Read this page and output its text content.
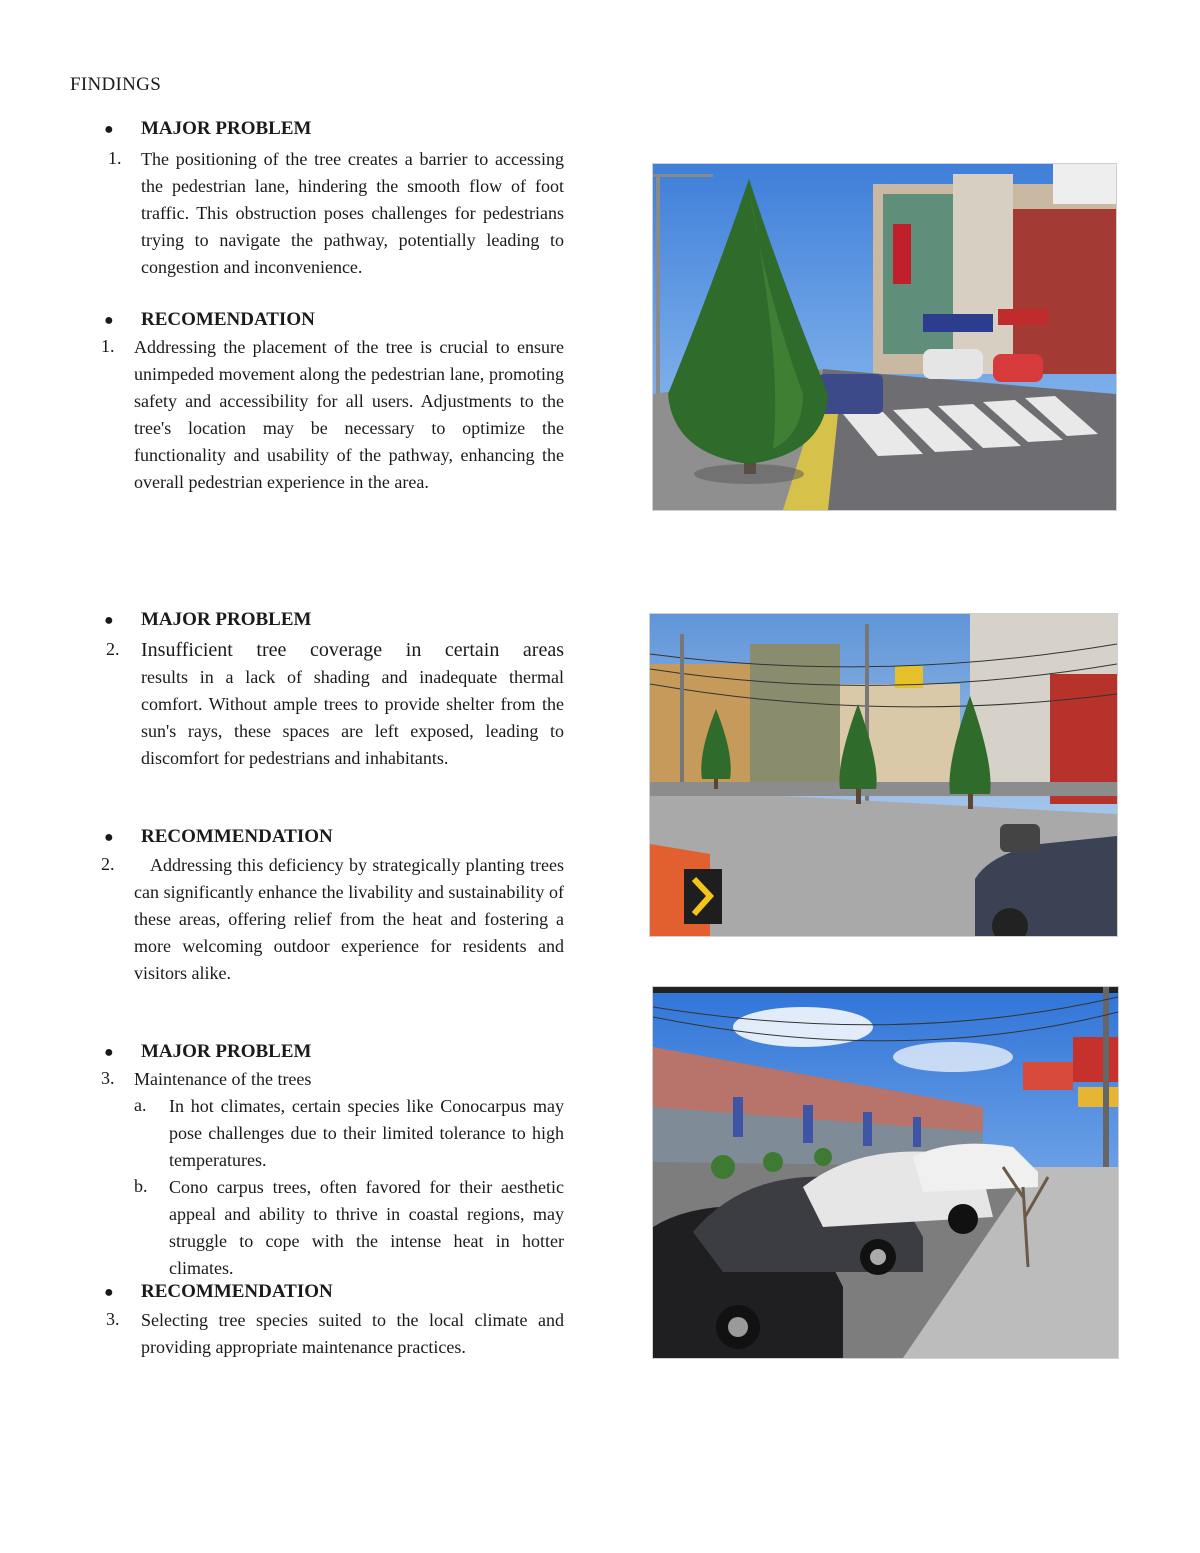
FINDINGS
● MAJOR PROBLEM
1. The positioning of the tree creates a barrier to accessing the pedestrian lane, hindering the smooth flow of foot traffic. This obstruction poses challenges for pedestrians trying to navigate the pathway, potentially leading to congestion and inconvenience.
● RECOMENDATION
1. Addressing the placement of the tree is crucial to ensure unimpeded movement along the pedestrian lane, promoting safety and accessibility for all users. Adjustments to the tree's location may be necessary to optimize the functionality and usability of the pathway, enhancing the overall pedestrian experience in the area.
● MAJOR PROBLEM
2. Insufficient tree coverage in certain areas
results in a lack of shading and inadequate thermal comfort. Without ample trees to provide shelter from the sun's rays, these spaces are left exposed, leading to discomfort for pedestrians and inhabitants.
● RECOMMENDATION
2.	Addressing this deficiency by strategically planting trees can significantly enhance the livability and sustainability of these areas, offering relief from the heat and fostering a more welcoming outdoor experience for residents and visitors alike.
● MAJOR PROBLEM
3. Maintenance of the trees
a. In hot climates, certain species like Conocarpus may pose challenges due to their limited tolerance to high temperatures.
b. Cono carpus trees, often favored for their aesthetic appeal and ability to thrive in coastal regions, may struggle to cope with the intense heat in hotter climates.
● RECOMMENDATION
3. Selecting tree species suited to the local climate and providing appropriate maintenance practices.
